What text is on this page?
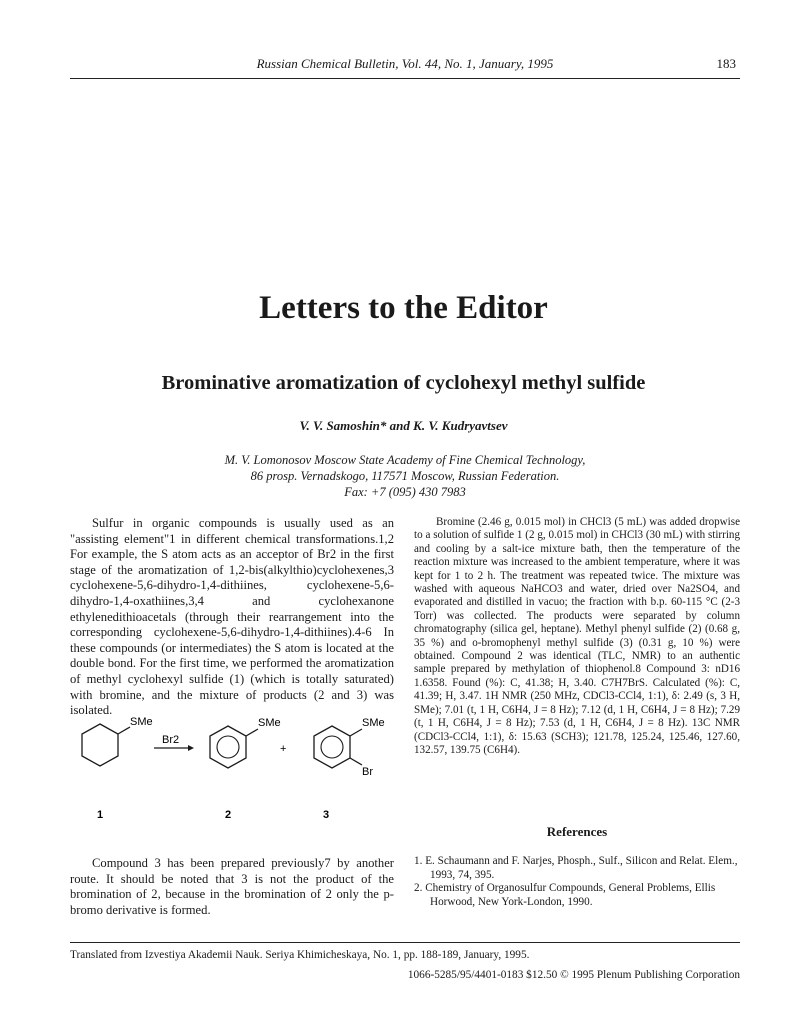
Russian Chemical Bulletin, Vol. 44, No. 1, January, 1995	183
Letters to the Editor
Brominative aromatization of cyclohexyl methyl sulfide
V. V. Samoshin* and K. V. Kudryavtsev
M. V. Lomonosov Moscow State Academy of Fine Chemical Technology,
86 prosp. Vernadskogo, 117571 Moscow, Russian Federation.
Fax: +7 (095) 430 7983

Sulfur in organic compounds is usually used as an "assisting element"1 in different chemical transformations.1,2 For example, the S atom acts as an acceptor of Br2 in the first stage of the aromatization of 1,2-bis(alkylthio)cyclohexenes,3 cyclohexene-5,6-dihydro-1,4-dithiines, cyclohexene-5,6-dihydro-1,4-oxathiines,3,4 and cyclohexanone ethylenedithioacetals (through their rearrangement into the corresponding cyclohexene-5,6-dihydro-1,4-dithiines).4-6 In these compounds (or intermediates) the S atom is located at the double bond. For the first time, we performed the aromatization of methyl cyclohexyl sulfide (1) (which is totally saturated) with bromine, and the mixture of products (2 and 3) was isolated.

SMe
Br2
SMe
+
SMe
Br
1	2	3

Compound 3 has been prepared previously7 by another route. It should be noted that 3 is not the product of the bromination of 2, because in the bromination of 2 only the p-bromo derivative is formed.

Bromine (2.46 g, 0.015 mol) in CHCl3 (5 mL) was added dropwise to a solution of sulfide 1 (2 g, 0.015 mol) in CHCl3 (30 mL) with stirring and cooling by a salt-ice mixture bath, then the temperature of the reaction mixture was increased to the ambient temperature, where it was kept for 1 to 2 h. The treatment was repeated twice. The mixture was washed with aqueous NaHCO3 and water, dried over Na2SO4, and evaporated and distilled in vacuo; the fraction with b.p. 60-115 °C (2-3 Torr) was collected. The products were separated by column chromatography (silica gel, heptane). Methyl phenyl sulfide (2) (0.68 g, 35 %) and o-bromophenyl methyl sulfide (3) (0.31 g, 10 %) were obtained. Compound 2 was identical (TLC, NMR) to an authentic sample prepared by methylation of thiophenol.8 Compound 3: nD16 1.6358. Found (%): C, 41.38; H, 3.40. C7H7BrS. Calculated (%): C, 41.39; H, 3.47. 1H NMR (250 MHz, CDCl3-CCl4, 1:1), δ: 2.49 (s, 3 H, SMe); 7.01 (t, 1 H, C6H4, J = 8 Hz); 7.12 (d, 1 H, C6H4, J = 8 Hz); 7.29 (t, 1 H, C6H4, J = 8 Hz); 7.53 (d, 1 H, C6H4, J = 8 Hz). 13C NMR (CDCl3-CCl4, 1:1), δ: 15.63 (SCH3); 121.78, 125.24, 125.46, 127.60, 132.57, 139.75 (C6H4).

References
1. E. Schaumann and F. Narjes, Phosph., Sulf., Silicon and Relat. Elem., 1993, 74, 395.
2. Chemistry of Organosulfur Compounds, General Problems, Ellis Horwood, New York-London, 1990.
Translated from Izvestiya Akademii Nauk. Seriya Khimicheskaya, No. 1, pp. 188-189, January, 1995.
1066-5285/95/4401-0183 $12.50 © 1995 Plenum Publishing Corporation
